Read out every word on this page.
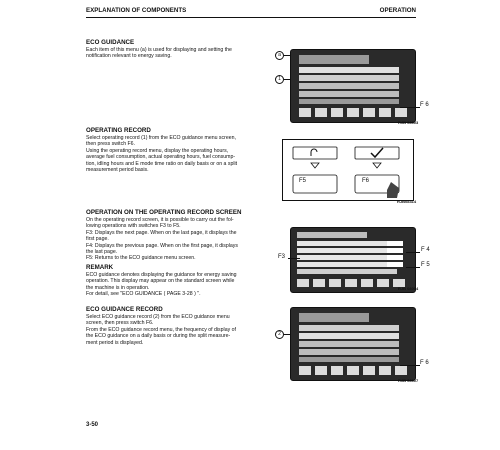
EXPLANATION OF COMPONENTS	OPERATION
ECO GUIDANCE
Each item of this menu (a) is used for displaying and setting the
notification relevant to energy saving.	a
1
F 6
RJB 08003
OPERATING RECORD
Select operating record (1) from the ECO guidance menu screen,
then press switch F6.
Using the operating record menu, display the operating hours,
average fuel consumption, actual operating hours, fuel consump-
tion, idling hours and E mode time ratio on daily basis or on a split
measurement period basis.
F5	F6
RJB08314
OPERATION ON THE OPERATING RECORD SCREEN
On the operating record screen, it is possible to carry out the fol-
lowing operations with switches F3 to F5.
F3: Displays the next page. When on the last page, it displays the
first page.
F4: Displays the previous page. When on the first page, it displays
the last page.
F5: Returns to the ECO guidance menu screen.
REMARK
ECO guidance denotes displaying the guidance for energy saving
operation. This display may appear on the standard screen while
the machine is in operation.
For detail, see "ECO GUIDANCE ( PAGE 3-28 ) ".
F3
F 4
F 5
RJB 08004
ECO GUIDANCE RECORD
Select ECO guidance record (2) from the ECO guidance menu
screen, then press switch F6.
From the ECO guidance record menu, the frequency of display of
the ECO guidance on a daily basis or during the split measure-
ment period is displayed.
2
F 6
RJB 08007
3-50
